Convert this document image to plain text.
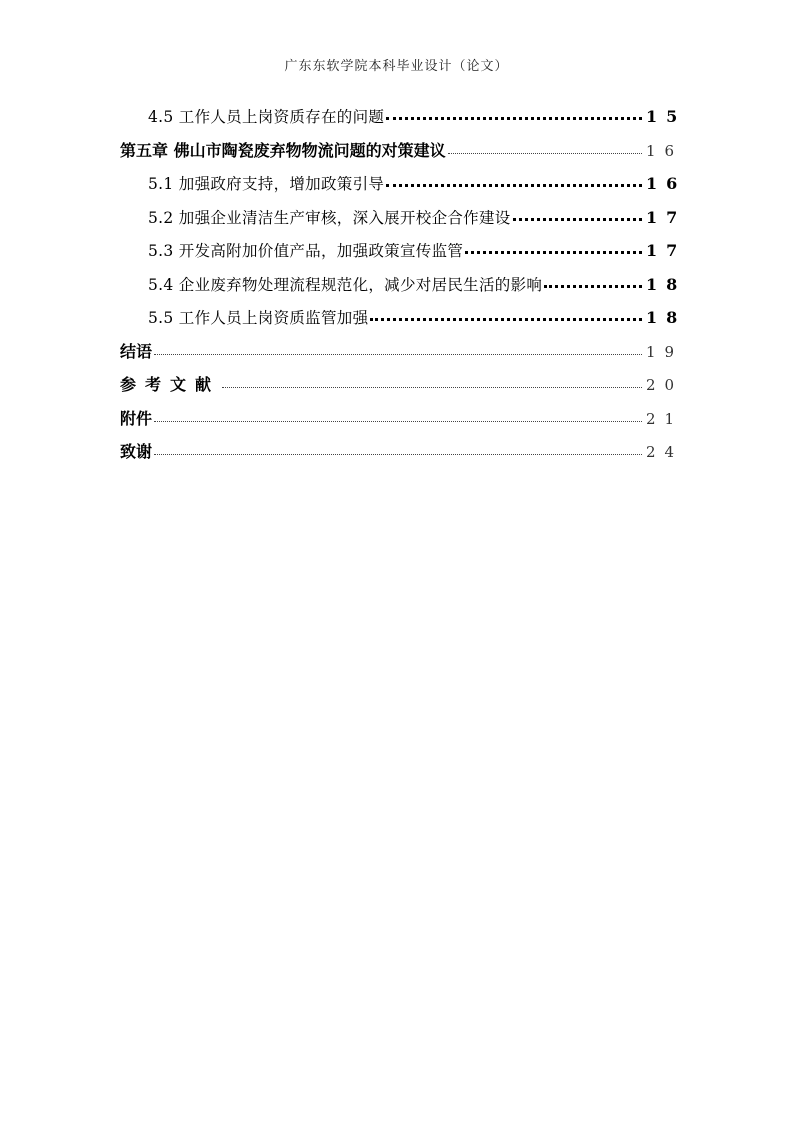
广东东软学院本科毕业设计（论文）
4.5 工作人员上岗资质存在的问题	15
第五章 佛山市陶瓷废弃物物流问题的对策建议	16
5.1 加强政府支持，增加政策引导	16
5.2 加强企业清洁生产审核，深入展开校企合作建设	17
5.3 开发高附加价值产品，加强政策宣传监管	17
5.4 企业废弃物处理流程规范化，减少对居民生活的影响	18
5.5 工作人员上岗资质监管加强	18
结语	19
参考文献	20
附件	21
致谢	24
